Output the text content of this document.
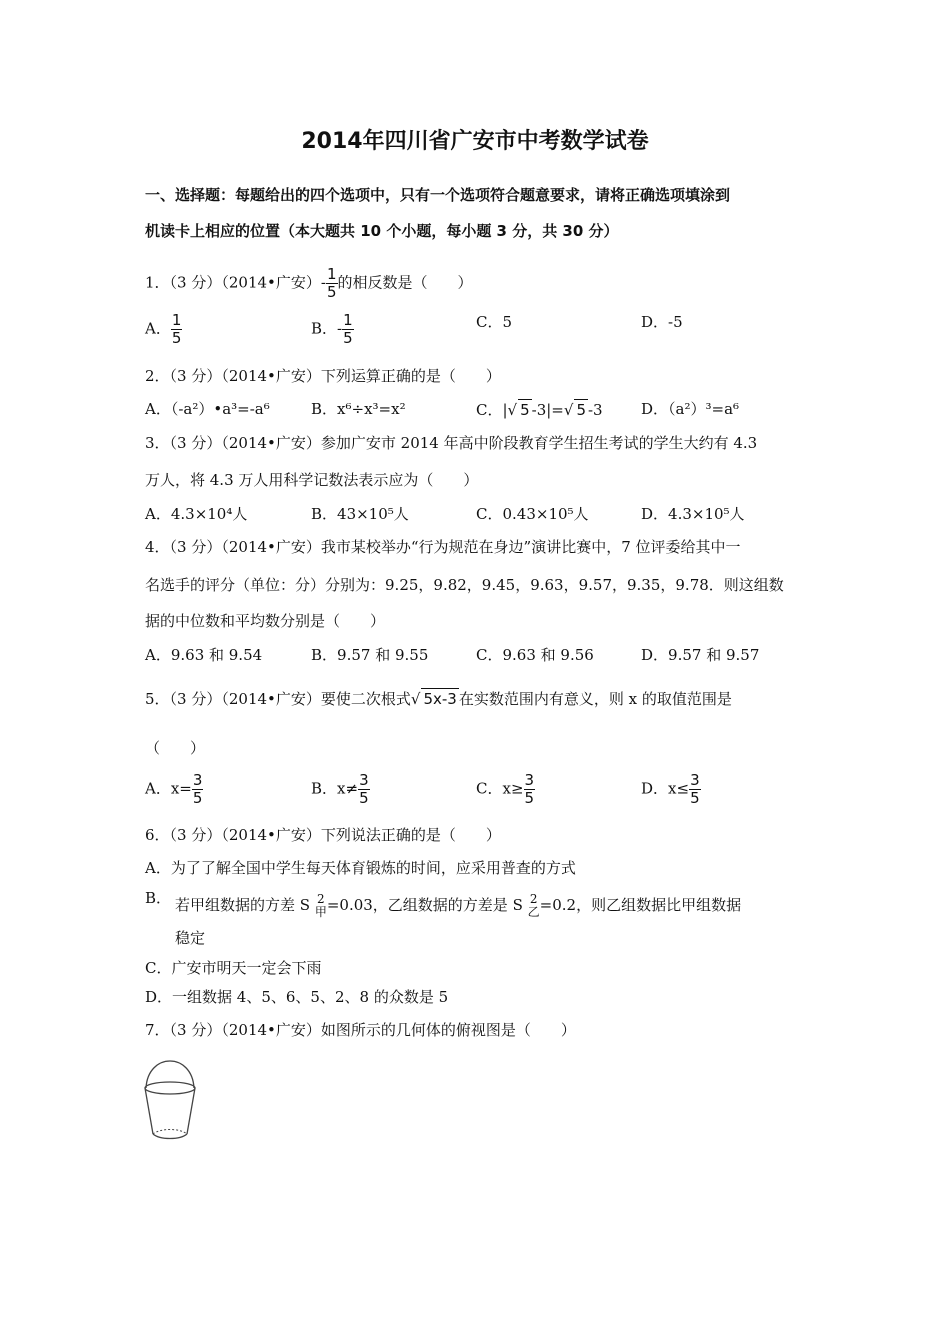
2014年四川省广安市中考数学试卷
一、选择题：每题给出的四个选项中，只有一个选项符合题意要求，请将正确选项填涂到
机读卡上相应的位置（本大题共 10 个小题，每小题 3 分，共 30 分）
1．（3 分）（2014•广安）- $\frac{1}{5}$ 的相反数是（　　）
A． $\frac{1}{5}$	B．- $\frac{1}{5}$	C．5	D．-5
2．（3 分）（2014•广安）下列运算正确的是（　　）
A．（-a²）•a³=-a⁶	B．x⁶÷x³=x²	C．|√ 5 -3|=√ 5 -3	D．（a²）³=a⁶
3．（3 分）（2014•广安）参加广安市 2014 年高中阶段教育学生招生考试的学生大约有 4.3
万人，将 4.3 万人用科学记数法表示应为（　　）
A．4.3×10⁴人	B．43×10⁵人	C．0.43×10⁵人	D．4.3×10⁵人
4．（3 分）（2014•广安）我市某校举办“行为规范在身边”演讲比赛中，7 位评委给其中一
名选手的评分（单位：分）分别为：9.25，9.82，9.45，9.63，9.57，9.35，9.78．则这组数
据的中位数和平均数分别是（　　）
A．9.63 和 9.54	B．9.57 和 9.55	C．9.63 和 9.56	D．9.57 和 9.57
5．（3 分）（2014•广安）要使二次根式√ 5x-3 在实数范围内有意义，则 x 的取值范围是
（　　）
A．$x= \frac{3}{5}$	B．$x\ne \frac{3}{5}$	C．$x\ge \frac{3}{5}$	D．$x\le \frac{3}{5}$
6．（3 分）（2014•广安）下列说法正确的是（　　）
A．为了了解全国中学生每天体育锻炼的时间，应采用普查的方式
B． 若甲组数据的方差 S 2
甲 =0.03，乙组数据的方差是 S 2
乙 =0.2，则乙组数据比甲组数据
稳定
C．广安市明天一定会下雨
D．一组数据 4、5、6、5、2、8 的众数是 5
7．（3 分）（2014•广安）如图所示的几何体的俯视图是（　　）
